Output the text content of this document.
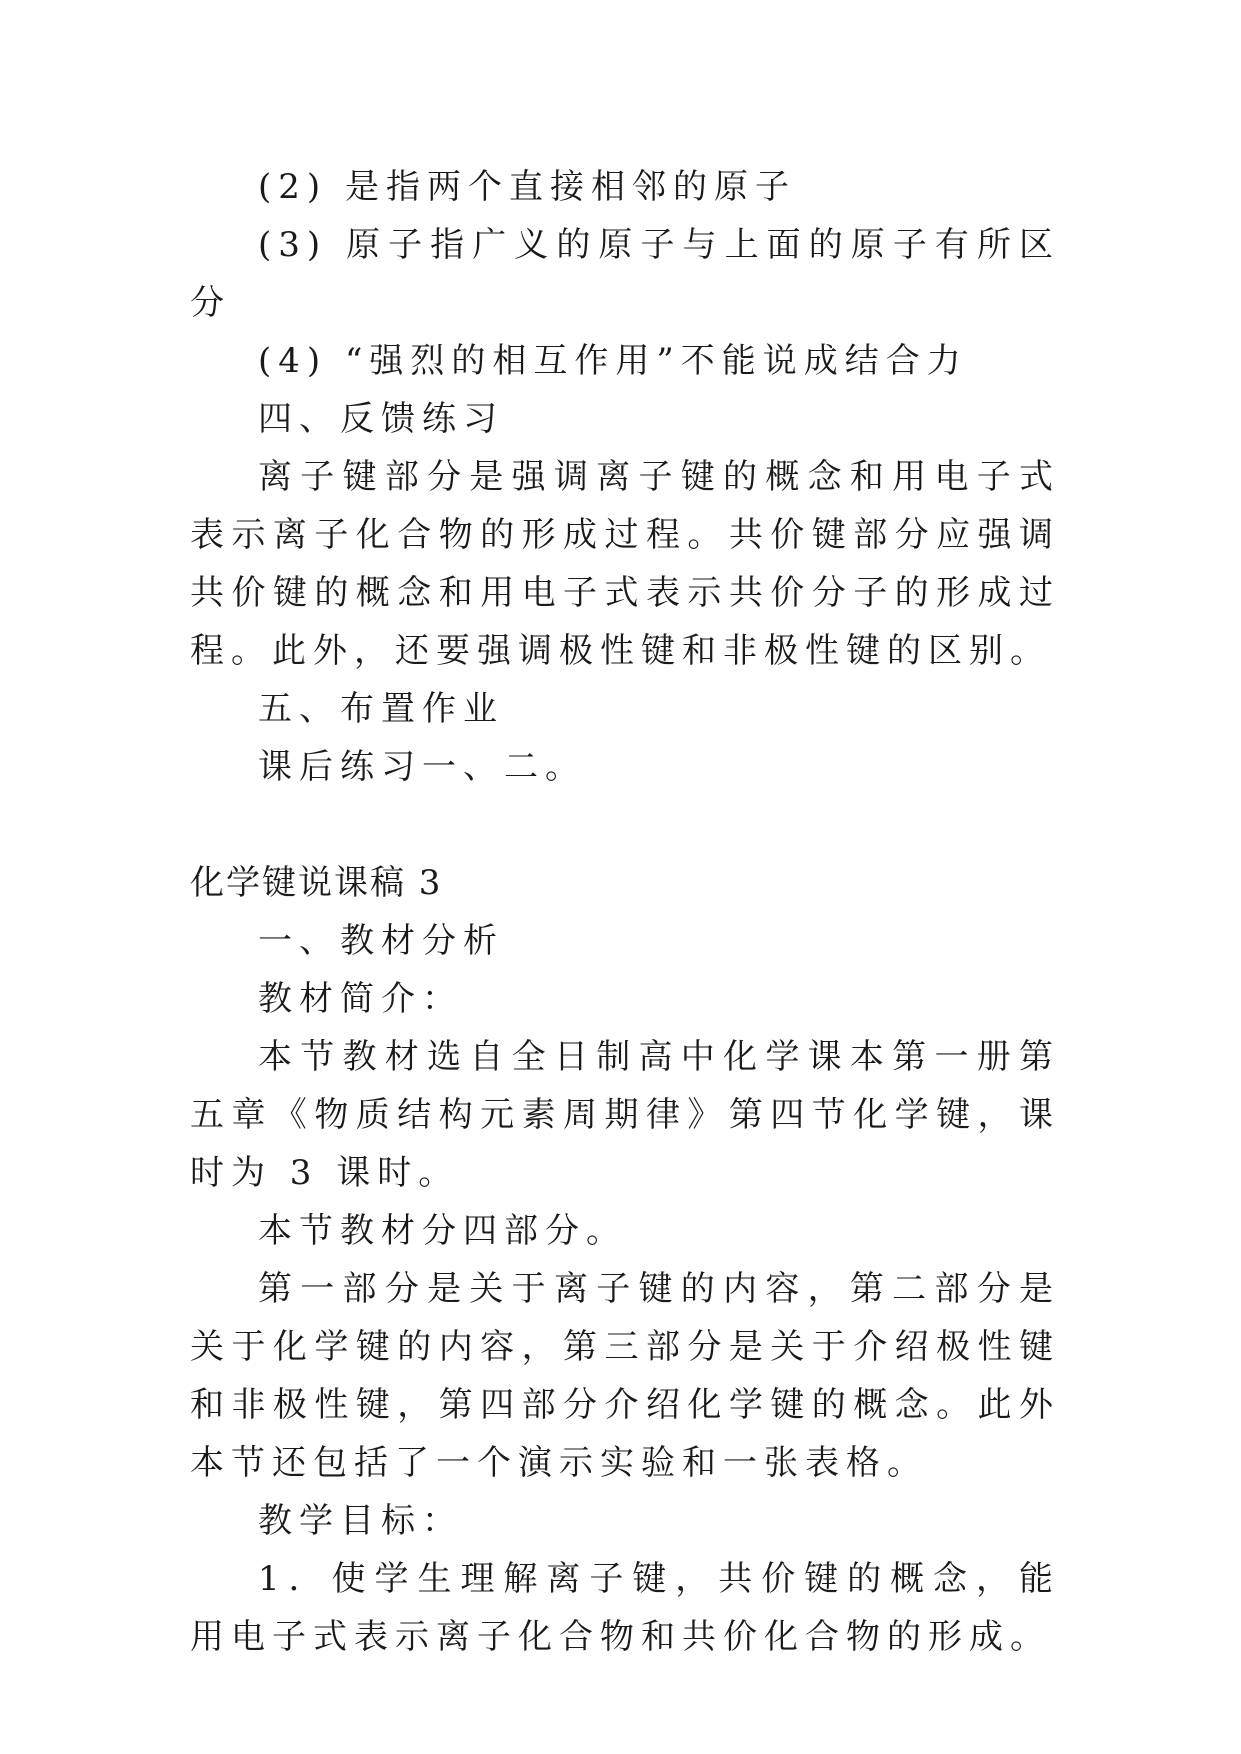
(2) 是指两个直接相邻的原子

(3) 原子指广义的原子与上面的原子有所区分

(4) “强烈的相互作用”不能说成结合力

四、反馈练习

离子键部分是强调离子键的概念和用电子式表示离子化合物的形成过程。共价键部分应强调共价键的概念和用电子式表示共价分子的形成过程。此外，还要强调极性键和非极性键的区别。

五、布置作业

课后练习一、二。

化学键说课稿 3

一、教材分析

教材简介：

本节教材选自全日制高中化学课本第一册第五章《物质结构元素周期律》第四节化学键，课时为 3 课时。

本节教材分四部分。

第一部分是关于离子键的内容，第二部分是关于化学键的内容，第三部分是关于介绍极性键和非极性键，第四部分介绍化学键的概念。此外本节还包括了一个演示实验和一张表格。

教学目标：

1．使学生理解离子键，共价键的概念，能用电子式表示离子化合物和共价化合物的形成。
